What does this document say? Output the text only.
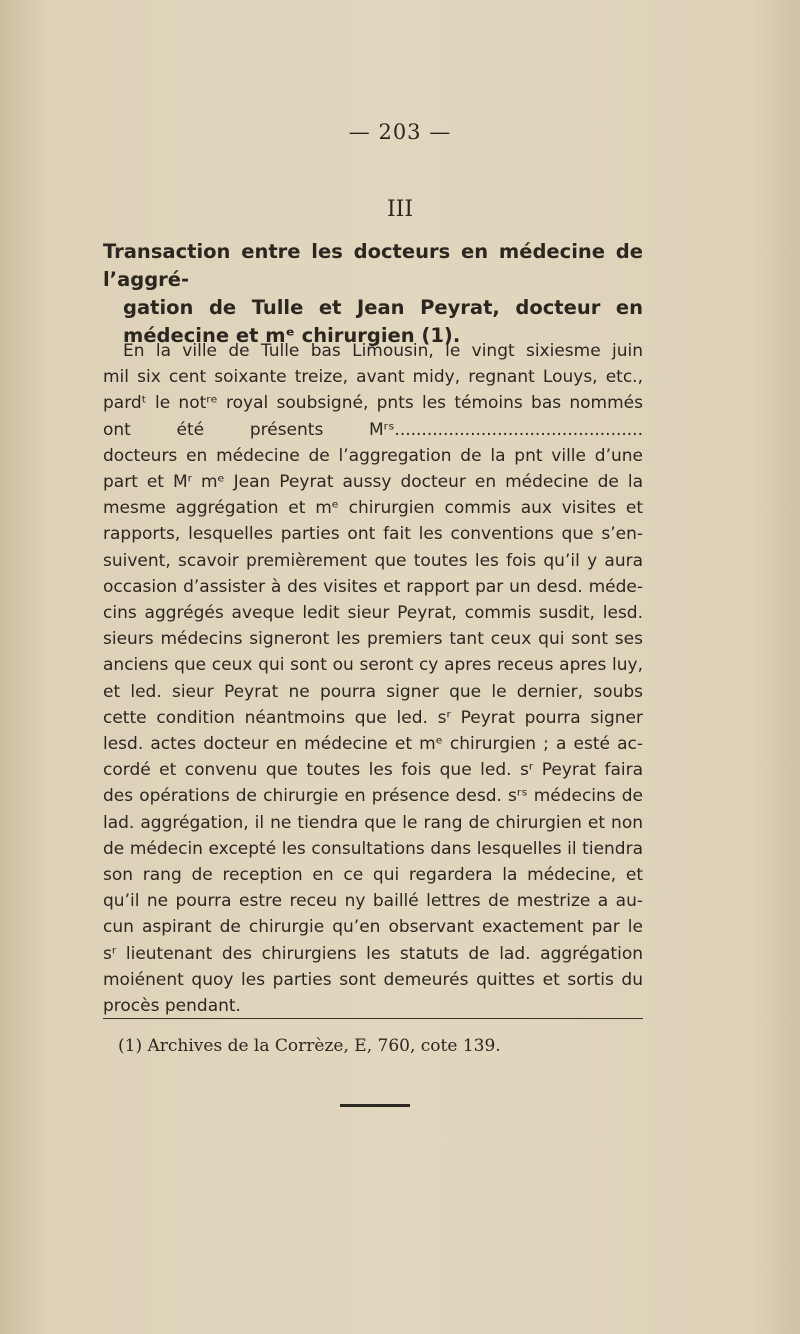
— 203 —
III
Transaction entre les docteurs en médecine de l’aggré-
gation de Tulle et Jean Peyrat, docteur en médecine et mᵉ chirurgien (1).
En la ville de Tulle bas Limousin, le vingt sixiesme juin
mil six cent soixante treize, avant midy, regnant Louys, etc.,
pardᵗ le notʳᵉ royal soubsigné, pnts les témoins bas nommés
ont été présents Mʳˢ..............................................
docteurs en médecine de l’aggregation de la pnt ville d’une
part et Mʳ mᵉ Jean Peyrat aussy docteur en médecine de la
mesme aggrégation et mᵉ chirurgien commis aux visites et
rapports, lesquelles parties ont fait les conventions que s’en-
suivent, scavoir premièrement que toutes les fois qu’il y aura
occasion d’assister à des visites et rapport par un desd. méde-
cins aggrégés aveque ledit sieur Peyrat, commis susdit, lesd.
sieurs médecins signeront les premiers tant ceux qui sont ses
anciens que ceux qui sont ou seront cy apres receus apres luy,
et led. sieur Peyrat ne pourra signer que le dernier, soubs
cette condition néantmoins que led. sʳ Peyrat pourra signer
lesd. actes docteur en médecine et mᵉ chirurgien ; a esté ac-
cordé et convenu que toutes les fois que led. sʳ Peyrat faira
des opérations de chirurgie en présence desd. sʳˢ médecins de
lad. aggrégation, il ne tiendra que le rang de chirurgien et non
de médecin excepté les consultations dans lesquelles il tiendra
son rang de reception en ce qui regardera la médecine, et
qu’il ne pourra estre receu ny baillé lettres de mestrize a au-
cun aspirant de chirurgie qu’en observant exactement par le
sʳ lieutenant des chirurgiens les statuts de lad. aggrégation
moiénent quoy les parties sont demeurés quittes et sortis du
procès pendant.
(1) Archives de la Corrèze, E, 760, cote 139.
